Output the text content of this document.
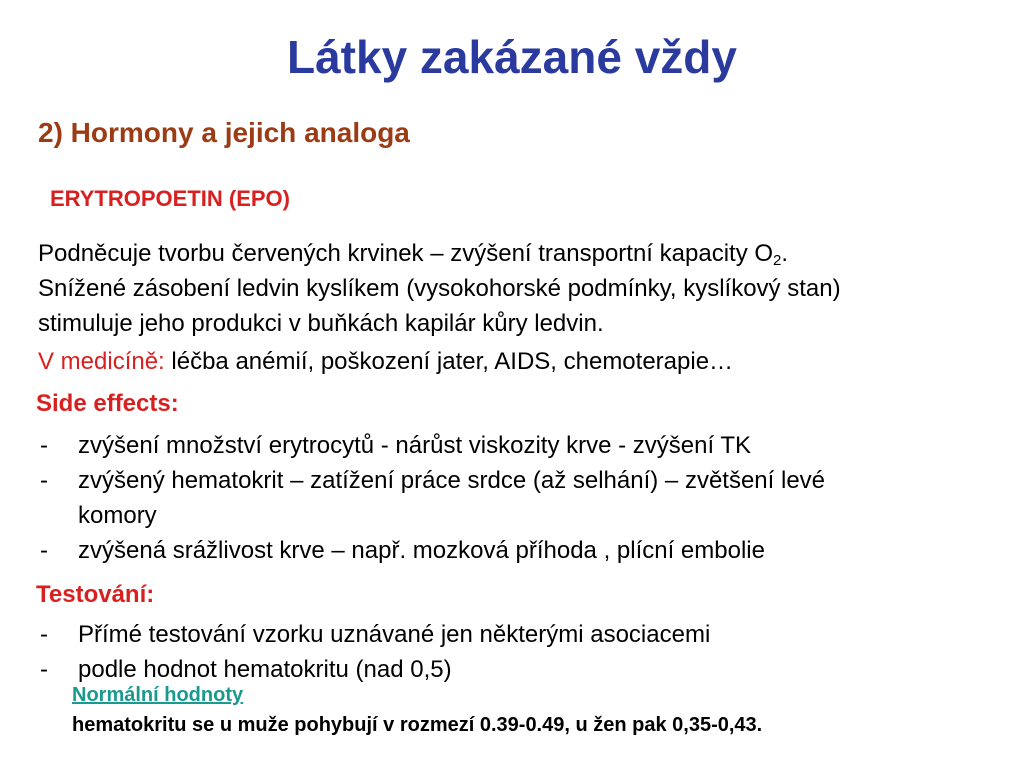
Látky zakázané vždy
2) Hormony a jejich analoga
ERYTROPOETIN (EPO)
Podněcuje tvorbu červených krvinek – zvýšení transportní kapacity $O_2$.
Snížené zásobení ledvin kyslíkem (vysokohorské podmínky, kyslíkový stan)
stimuluje jeho produkci v buňkách kapilár kůry ledvin.
V medicíně: léčba anémií, poškození jater, AIDS, chemoterapie…
Side effects:
- zvýšení množství erytrocytů - nárůst viskozity krve - zvýšení TK
- zvýšený hematokrit – zatížení práce srdce (až selhání) – zvětšení levé
komory
- zvýšená srážlivost krve – např. mozková příhoda , plícní embolie
Testování:
- Přímé testování vzorku uznávané jen některými asociacemi
- podle hodnot hematokritu (nad 0,5)
Normální hodnoty
hematokritu se u muže pohybují v rozmezí 0.39-0.49, u žen pak 0,35-0,43.
